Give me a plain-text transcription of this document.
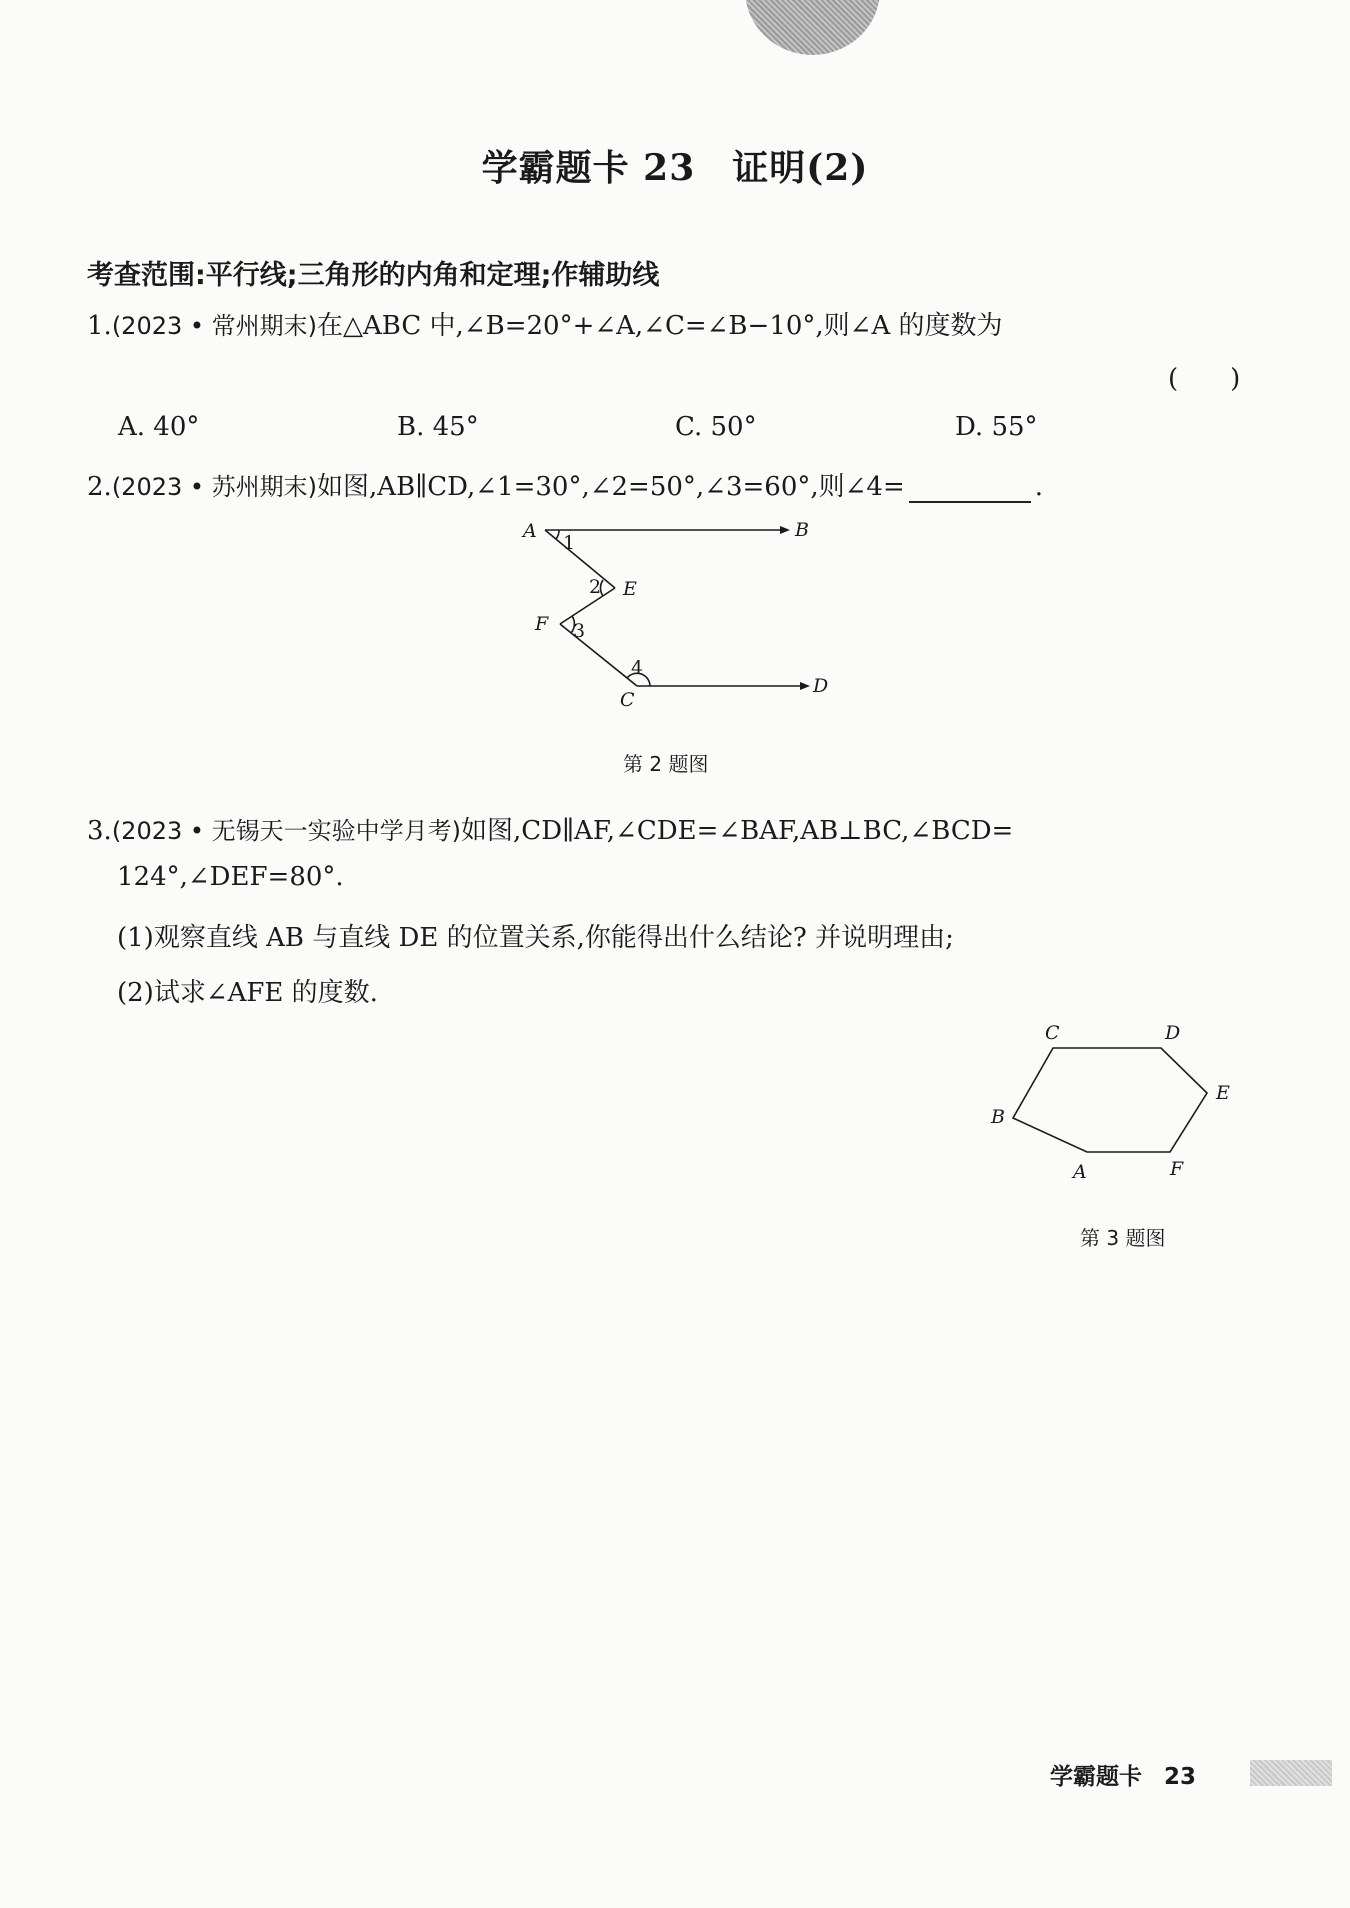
学霸题卡 23　证明(2)
考查范围:平行线;三角形的内角和定理;作辅助线
1.(2023 • 常州期末)在△ABC 中,∠B=20°+∠A,∠C=∠B−10°,则∠A 的度数为
(　　)
A. 40°	B. 45°	C. 50°	D. 55°
2.(2023 • 苏州期末)如图,AB∥CD,∠1=30°,∠2=50°,∠3=60°,则∠4=	.
A	B
E
F
C
D
1
2
3
4
第 2 题图
3.(2023 • 无锡天一实验中学月考)如图,CD∥AF,∠CDE=∠BAF,AB⊥BC,∠BCD=
124°,∠DEF=80°.
(1)观察直线 AB 与直线 DE 的位置关系,你能得出什么结论? 并说明理由;
(2)试求∠AFE 的度数.
C	D
B
E
A	F
第 3 题图
学霸题卡 23
